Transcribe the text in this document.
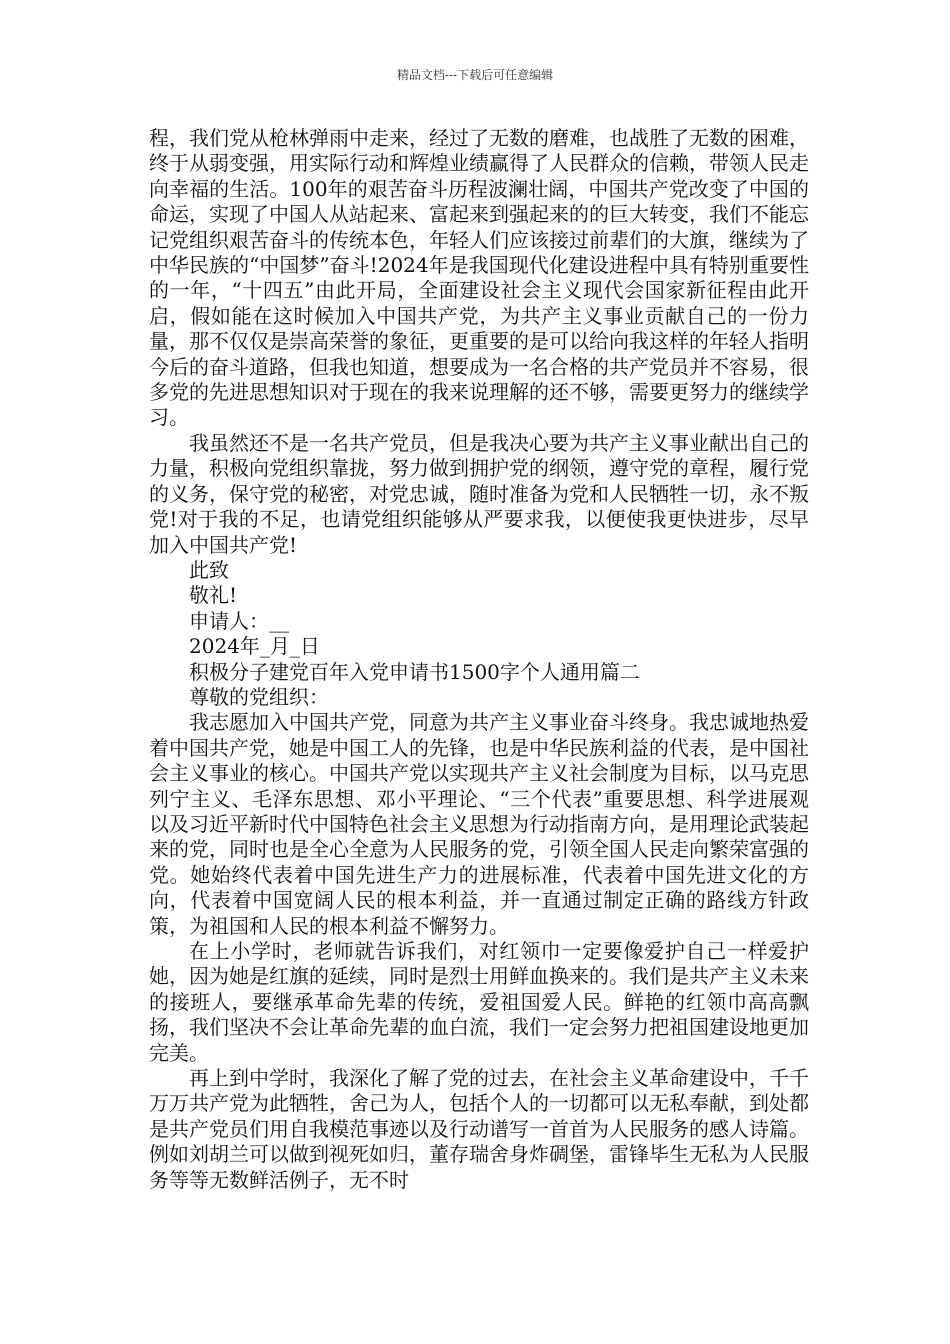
精品文档---下载后可任意编辑

程，我们党从枪林弹雨中走来，经过了无数的磨难，也战胜了无数的困难，终于从弱变强，用实际行动和辉煌业绩赢得了人民群众的信赖，带领人民走向幸福的生活。100年的艰苦奋斗历程波澜壮阔，中国共产党改变了中国的命运，实现了中国人从站起来、富起来到强起来的的巨大转变，我们不能忘记党组织艰苦奋斗的传统本色，年轻人们应该接过前辈们的大旗，继续为了中华民族的“中国梦”奋斗!2024年是我国现代化建设进程中具有特别重要性的一年，“十四五”由此开局，全面建设社会主义现代会国家新征程由此开启，假如能在这时候加入中国共产党，为共产主义事业贡献自己的一份力量，那不仅仅是崇高荣誉的象征，更重要的是可以给向我这样的年轻人指明今后的奋斗道路，但我也知道，想要成为一名合格的共产党员并不容易，很多党的先进思想知识对于现在的我来说理解的还不够，需要更努力的继续学习。

我虽然还不是一名共产党员，但是我决心要为共产主义事业献出自己的力量，积极向党组织靠拢，努力做到拥护党的纲领，遵守党的章程，履行党的义务，保守党的秘密，对党忠诚，随时准备为党和人民牺牲一切，永不叛党!对于我的不足，也请党组织能够从严要求我，以便使我更快进步，尽早加入中国共产党!

此致

敬礼!

申请人：__

2024年_月_日

积极分子建党百年入党申请书1500字个人通用篇二

尊敬的党组织：

我志愿加入中国共产党，同意为共产主义事业奋斗终身。我忠诚地热爱着中国共产党，她是中国工人的先锋，也是中华民族利益的代表，是中国社会主义事业的核心。中国共产党以实现共产主义社会制度为目标，以马克思列宁主义、毛泽东思想、邓小平理论、“三个代表”重要思想、科学进展观以及习近平新时代中国特色社会主义思想为行动指南方向，是用理论武装起来的党，同时也是全心全意为人民服务的党，引领全国人民走向繁荣富强的党。她始终代表着中国先进生产力的进展标准，代表着中国先进文化的方向，代表着中国宽阔人民的根本利益，并一直通过制定正确的路线方针政策，为祖国和人民的根本利益不懈努力。

在上小学时，老师就告诉我们，对红领巾一定要像爱护自己一样爱护她，因为她是红旗的延续，同时是烈士用鲜血换来的。我们是共产主义未来的接班人，要继承革命先辈的传统，爱祖国爱人民。鲜艳的红领巾高高飘扬，我们坚决不会让革命先辈的血白流，我们一定会努力把祖国建设地更加完美。

再上到中学时，我深化了解了党的过去，在社会主义革命建设中，千千万万共产党为此牺牲，舍己为人，包括个人的一切都可以无私奉献，到处都是共产党员们用自我模范事迹以及行动谱写一首首为人民服务的感人诗篇。例如刘胡兰可以做到视死如归，董存瑞舍身炸碉堡，雷锋毕生无私为人民服务等等无数鲜活例子，无不时
